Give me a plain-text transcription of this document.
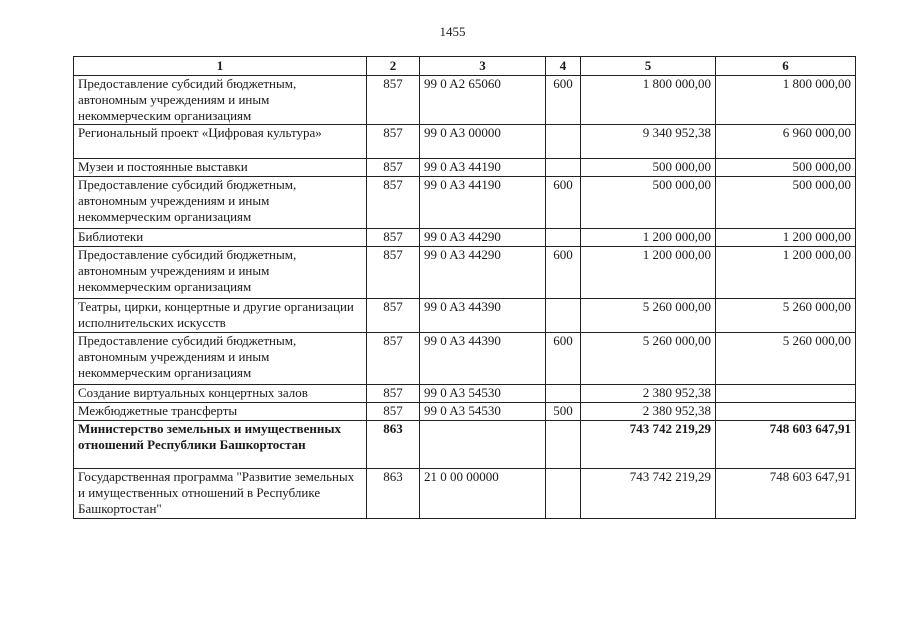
1455
1	2	3	4	5	6
Предоставление субсидий бюджетным, автономным учреждениям и иным некоммерческим организациям	857	99 0 A2 65060	600	1 800 000,00	1 800 000,00
Региональный проект «Цифровая культура»	857	99 0 A3 00000		9 340 952,38	6 960 000,00
Музеи и постоянные выставки	857	99 0 A3 44190		500 000,00	500 000,00
Предоставление субсидий бюджетным, автономным учреждениям и иным некоммерческим организациям	857	99 0 A3 44190	600	500 000,00	500 000,00
Библиотеки	857	99 0 A3 44290		1 200 000,00	1 200 000,00
Предоставление субсидий бюджетным, автономным учреждениям и иным некоммерческим организациям	857	99 0 A3 44290	600	1 200 000,00	1 200 000,00
Театры, цирки, концертные и другие организации исполнительских искусств	857	99 0 A3 44390		5 260 000,00	5 260 000,00
Предоставление субсидий бюджетным, автономным учреждениям и иным некоммерческим организациям	857	99 0 A3 44390	600	5 260 000,00	5 260 000,00
Создание виртуальных концертных залов	857	99 0 A3 54530		2 380 952,38	
Межбюджетные трансферты	857	99 0 A3 54530	500	2 380 952,38	
Министерство земельных и имущественных отношений Республики Башкортостан	863			743 742 219,29	748 603 647,91
Государственная программа "Развитие земельных и имущественных отношений в Республике Башкортостан"	863	21 0 00 00000		743 742 219,29	748 603 647,91
